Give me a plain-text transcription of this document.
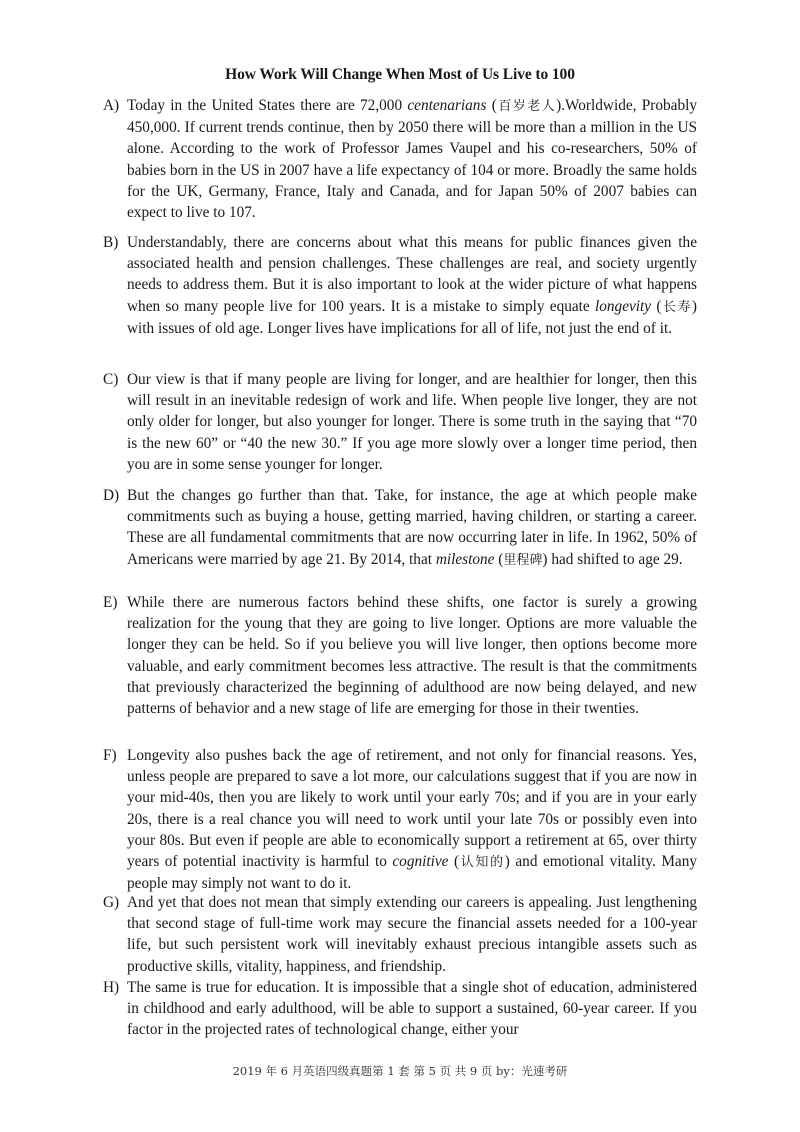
How Work Will Change When Most of Us Live to 100
A) Today in the United States there are 72,000 centenarians (百岁老人).Worldwide, Probably 450,000. If current trends continue, then by 2050 there will be more than a million in the US alone. According to the work of Professor James Vaupel and his co-researchers, 50% of babies born in the US in 2007 have a life expectancy of 104 or more. Broadly the same holds for the UK, Germany, France, Italy and Canada, and for Japan 50% of 2007 babies can expect to live to 107.
B) Understandably, there are concerns about what this means for public finances given the associated health and pension challenges. These challenges are real, and society urgently needs to address them. But it is also important to look at the wider picture of what happens when so many people live for 100 years. It is a mistake to simply equate longevity (长寿) with issues of old age. Longer lives have implications for all of life, not just the end of it.
C) Our view is that if many people are living for longer, and are healthier for longer, then this will result in an inevitable redesign of work and life. When people live longer, they are not only older for longer, but also younger for longer. There is some truth in the saying that “70 is the new 60” or “40 the new 30.” If you age more slowly over a longer time period, then you are in some sense younger for longer.
D) But the changes go further than that. Take, for instance, the age at which people make commitments such as buying a house, getting married, having children, or starting a career. These are all fundamental commitments that are now occurring later in life. In 1962, 50% of Americans were married by age 21. By 2014, that milestone (里程碑) had shifted to age 29.
E) While there are numerous factors behind these shifts, one factor is surely a growing realization for the young that they are going to live longer. Options are more valuable the longer they can be held. So if you believe you will live longer, then options become more valuable, and early commitment becomes less attractive. The result is that the commitments that previously characterized the beginning of adulthood are now being delayed, and new patterns of behavior and a new stage of life are emerging for those in their twenties.
F) Longevity also pushes back the age of retirement, and not only for financial reasons. Yes, unless people are prepared to save a lot more, our calculations suggest that if you are now in your mid-40s, then you are likely to work until your early 70s; and if you are in your early 20s, there is a real chance you will need to work until your late 70s or possibly even into your 80s. But even if people are able to economically support a retirement at 65, over thirty years of potential inactivity is harmful to cognitive (认知的) and emotional vitality. Many people may simply not want to do it.
G) And yet that does not mean that simply extending our careers is appealing. Just lengthening that second stage of full-time work may secure the financial assets needed for a 100-year life, but such persistent work will inevitably exhaust precious intangible assets such as productive skills, vitality, happiness, and friendship.
H) The same is true for education. It is impossible that a single shot of education, administered in childhood and early adulthood, will be able to support a sustained, 60-year career. If you factor in the projected rates of technological change, either your
2019 年 6 月英语四级真题第 1 套 第 5 页 共 9 页 by：光速考研
